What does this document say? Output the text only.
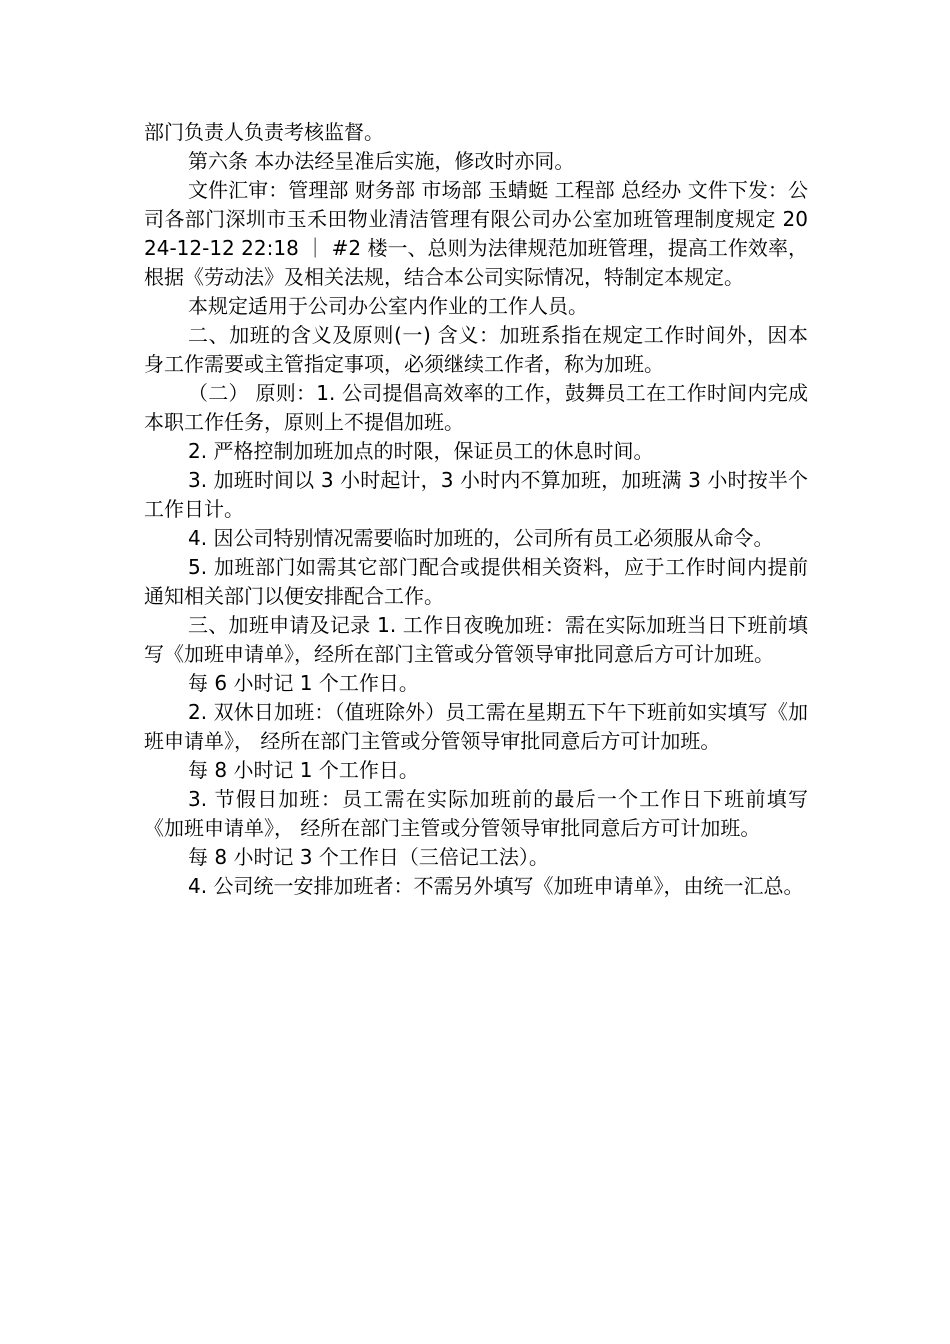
部门负责人负责考核监督。

第六条 本办法经呈准后实施，修改时亦同。

文件汇审：管理部 财务部 市场部 玉蜻蜓 工程部 总经办 文件下发：公司各部门深圳市玉禾田物业清洁管理有限公司办公室加班管理制度规定 2024-12-12 22:18 ｜ #2 楼一、总则为法律规范加班管理，提高工作效率，根据《劳动法》及相关法规，结合本公司实际情况，特制定本规定。

本规定适用于公司办公室内作业的工作人员。

二、加班的含义及原则(一) 含义：加班系指在规定工作时间外，因本身工作需要或主管指定事项，必须继续工作者，称为加班。

（二） 原则：1. 公司提倡高效率的工作，鼓舞员工在工作时间内完成本职工作任务，原则上不提倡加班。

2. 严格控制加班加点的时限，保证员工的休息时间。

3. 加班时间以 3 小时起计，3 小时内不算加班，加班满 3 小时按半个工作日计。

4. 因公司特别情况需要临时加班的，公司所有员工必须服从命令。

5. 加班部门如需其它部门配合或提供相关资料，应于工作时间内提前通知相关部门以便安排配合工作。

三、加班申请及记录 1. 工作日夜晚加班：需在实际加班当日下班前填写《加班申请单》，经所在部门主管或分管领导审批同意后方可计加班。

每 6 小时记 1 个工作日。

2. 双休日加班：（值班除外）员工需在星期五下午下班前如实填写《加班申请单》， 经所在部门主管或分管领导审批同意后方可计加班。

每 8 小时记 1 个工作日。

3. 节假日加班：员工需在实际加班前的最后一个工作日下班前填写《加班申请单》， 经所在部门主管或分管领导审批同意后方可计加班。

每 8 小时记 3 个工作日（三倍记工法）。

4. 公司统一安排加班者：不需另外填写《加班申请单》，由统一汇总。
